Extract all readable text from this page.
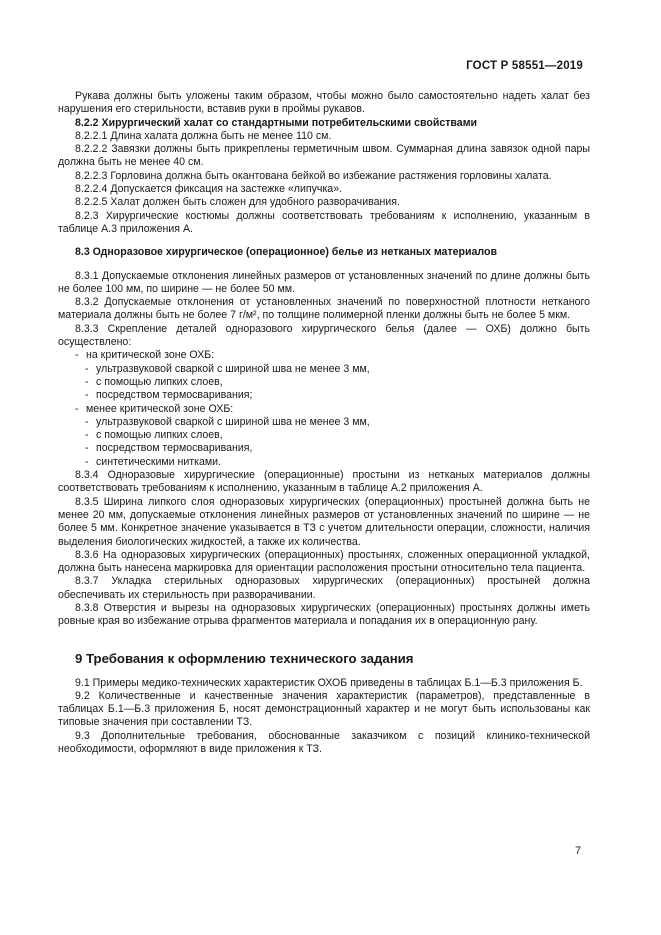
ГОСТ Р 58551—2019

Рукава должны быть уложены таким образом, чтобы можно было самостоятельно надеть халат без нарушения его стерильности, вставив руки в проймы рукавов.

8.2.2 Хирургический халат со стандартными потребительскими свойствами

8.2.2.1 Длина халата должна быть не менее 110 см.

8.2.2.2 Завязки должны быть прикреплены герметичным швом. Суммарная длина завязок одной пары должна быть не менее 40 см.

8.2.2.3 Горловина должна быть окантована бейкой во избежание растяжения горловины халата.

8.2.2.4 Допускается фиксация на застежке «липучка».

8.2.2.5 Халат должен быть сложен для удобного разворачивания.

8.2.3 Хирургические костюмы должны соответствовать требованиям к исполнению, указанным в таблице А.3 приложения А.

8.3 Одноразовое хирургическое (операционное) белье из нетканых материалов

8.3.1 Допускаемые отклонения линейных размеров от установленных значений по длине должны быть не более 100 мм, по ширине — не более 50 мм.

8.3.2 Допускаемые отклонения от установленных значений по поверхностной плотности нетканого материала должны быть не более 7 г/м², по толщине полимерной пленки должны быть не более 5 мкм.

8.3.3 Скрепление деталей одноразового хирургического белья (далее — ОХБ) должно быть осуществлено:

- на критической зоне ОХБ:

- ультразвуковой сваркой с шириной шва не менее 3 мм,

- с помощью липких слоев,

- посредством термосваривания;

- менее критической зоне ОХБ:

- ультразвуковой сваркой с шириной шва не менее 3 мм,

- с помощью липких слоев,

- посредством термосваривания,

- синтетическими нитками.

8.3.4 Одноразовые хирургические (операционные) простыни из нетканых материалов должны соответствовать требованиям к исполнению, указанным в таблице А.2 приложения А.

8.3.5 Ширина липкого слоя одноразовых хирургических (операционных) простыней должна быть не менее 20 мм, допускаемые отклонения линейных размеров от установленных значений по ширине — не более 5 мм. Конкретное значение указывается в ТЗ с учетом длительности операции, сложности, наличия выделения биологических жидкостей, а также их количества.

8.3.6 На одноразовых хирургических (операционных) простынях, сложенных операционной укладкой, должна быть нанесена маркировка для ориентации расположения простыни относительно тела пациента.

8.3.7 Укладка стерильных одноразовых хирургических (операционных) простыней должна обеспечивать их стерильность при разворачивании.

8.3.8 Отверстия и вырезы на одноразовых хирургических (операционных) простынях должны иметь ровные края во избежание отрыва фрагментов материала и попадания их в операционную рану.

9 Требования к оформлению технического задания

9.1 Примеры медико-технических характеристик ОХОБ приведены в таблицах Б.1—Б.3 приложения Б.

9.2 Количественные и качественные значения характеристик (параметров), представленные в таблицах Б.1—Б.3 приложения Б, носят демонстрационный характер и не могут быть использованы как типовые значения при составлении ТЗ.

9.3 Дополнительные требования, обоснованные заказчиком с позиций клинико-технической необходимости, оформляют в виде приложения к ТЗ.

7
